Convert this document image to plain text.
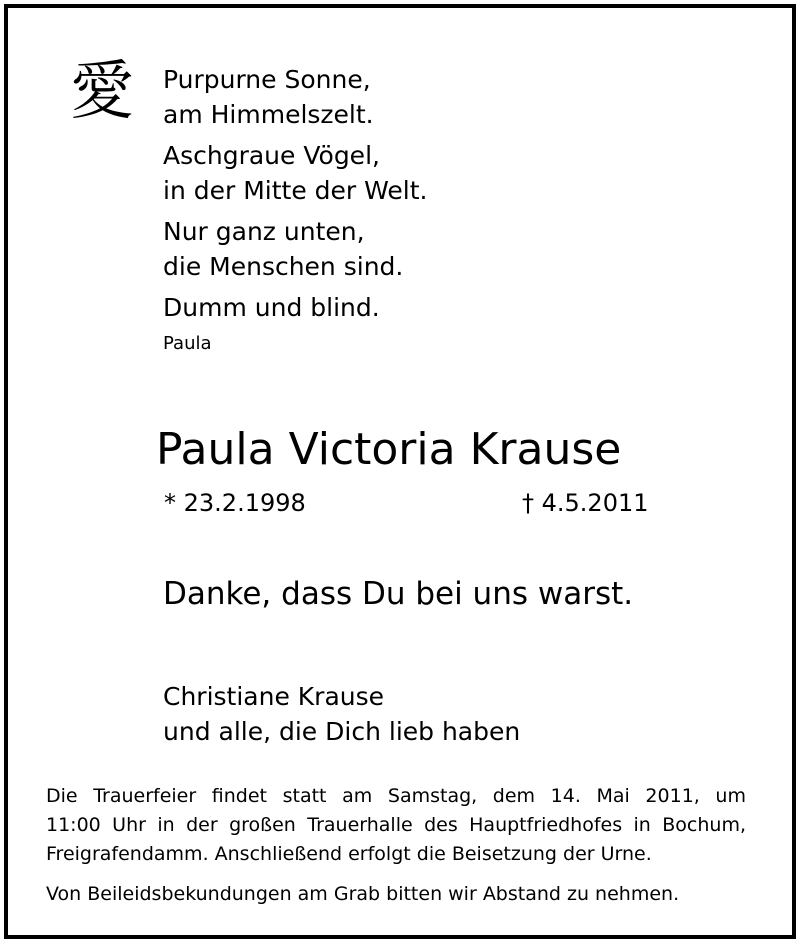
愛 Purpurne Sonne,
am Himmelszelt.
Aschgraue Vögel,
in der Mitte der Welt.
Nur ganz unten,
die Menschen sind.
Dumm und blind.
Paula
Paula Victoria Krause
* 23.2.1998	† 4.5.2011
Danke, dass Du bei uns warst.
Christiane Krause
und alle, die Dich lieb haben
Die Trauerfeier findet statt am Samstag, dem 14. Mai 2011, um
11:00 Uhr in der großen Trauerhalle des Hauptfriedhofes in Bochum,
Freigrafendamm. Anschließend erfolgt die Beisetzung der Urne.
Von Beileidsbekundungen am Grab bitten wir Abstand zu nehmen.
